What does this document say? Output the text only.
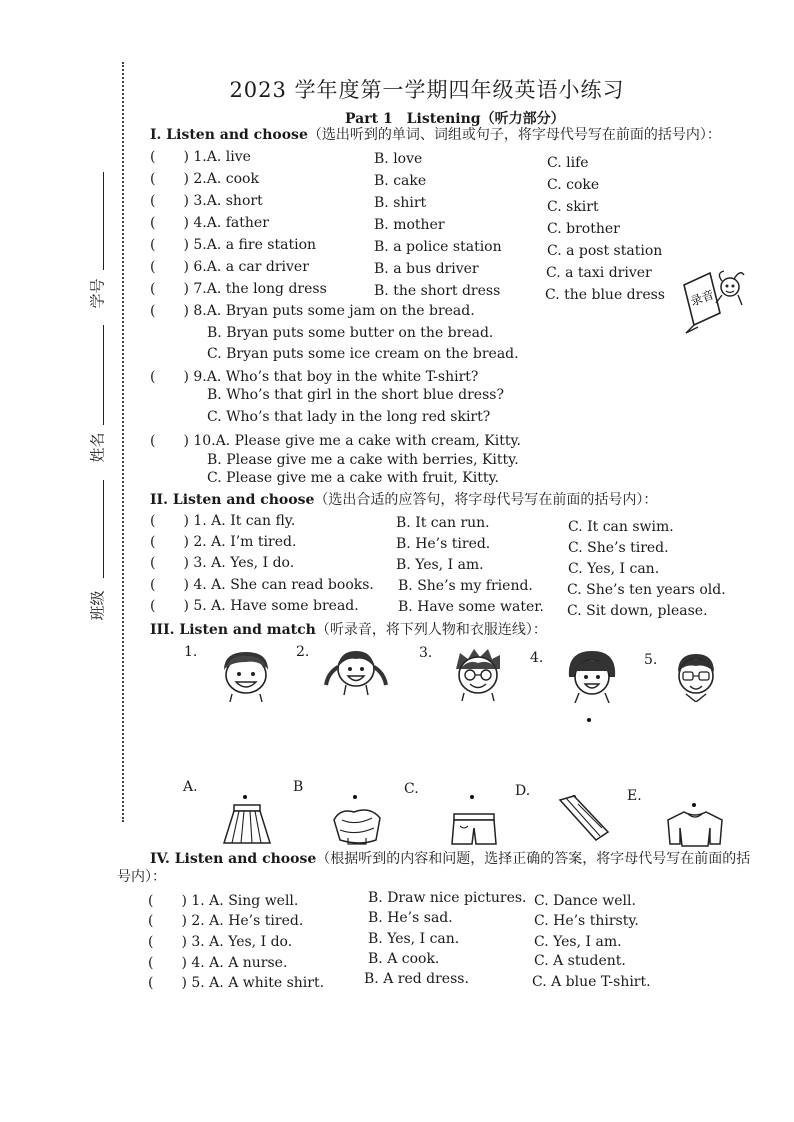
学号
姓名
班级
2023 学年度第一学期四年级英语小练习
Part 1　Listening（听力部分）
I. Listen and choose（选出听到的单词、词组或句子，将字母代号写在前面的括号内）：
(　　) 1.A. live	B. love	C. life
(　　) 2.A. cook	B. cake	C. coke
(　　) 3.A. short	B. shirt	C. skirt
(　　) 4.A. father	B. mother	C. brother
(　　) 5.A. a fire station	B. a police station	C. a post station
(　　) 6.A. a car driver	B. a bus driver	C. a taxi driver
(　　) 7.A. the long dress	B. the short dress	C. the blue dress
(　　) 8.A. Bryan puts some jam on the bread.
B. Bryan puts some butter on the bread.
C. Bryan puts some ice cream on the bread.
(　　) 9.A. Who’s that boy in the white T-shirt?
B. Who’s that girl in the short blue dress?
C. Who’s that lady in the long red skirt?
(　　) 10.A. Please give me a cake with cream, Kitty.
B. Please give me a cake with berries, Kitty.
C. Please give me a cake with fruit, Kitty.
录音
II. Listen and choose（选出合适的应答句，将字母代号写在前面的括号内）：
(　　) 1. A. It can fly.	B. It can run.	C. It can swim.
(　　) 2. A. I’m tired.	B. He’s tired.	C. She’s tired.
(　　) 3. A. Yes, I do.	B. Yes, I am.	C. Yes, I can.
(　　) 4. A. She can read books. B. She’s my friend. C. She’s ten years old.
(　　) 5. A. Have some bread.	B. Have some water. C. Sit down, please.
III. Listen and match（听录音，将下列人物和衣服连线）：
1.	2.	3.	4.	5.
A.	B	C.	D.	E.
IV. Listen and choose（根据听到的内容和问题，选择正确的答案，将字母代号写在前面的括
号内）：
(　　) 1. A. Sing well.	B. Draw nice pictures. C. Dance well.
(　　) 2. A. He’s tired.	B. He’s sad.	C. He’s thirsty.
(　　) 3. A. Yes, I do.	B. Yes, I can.	C. Yes, I am.
(　　) 4. A. A nurse.	B. A cook.	C. A student.
(　　) 5. A. A white shirt.	B. A red dress.	C. A blue T-shirt.
